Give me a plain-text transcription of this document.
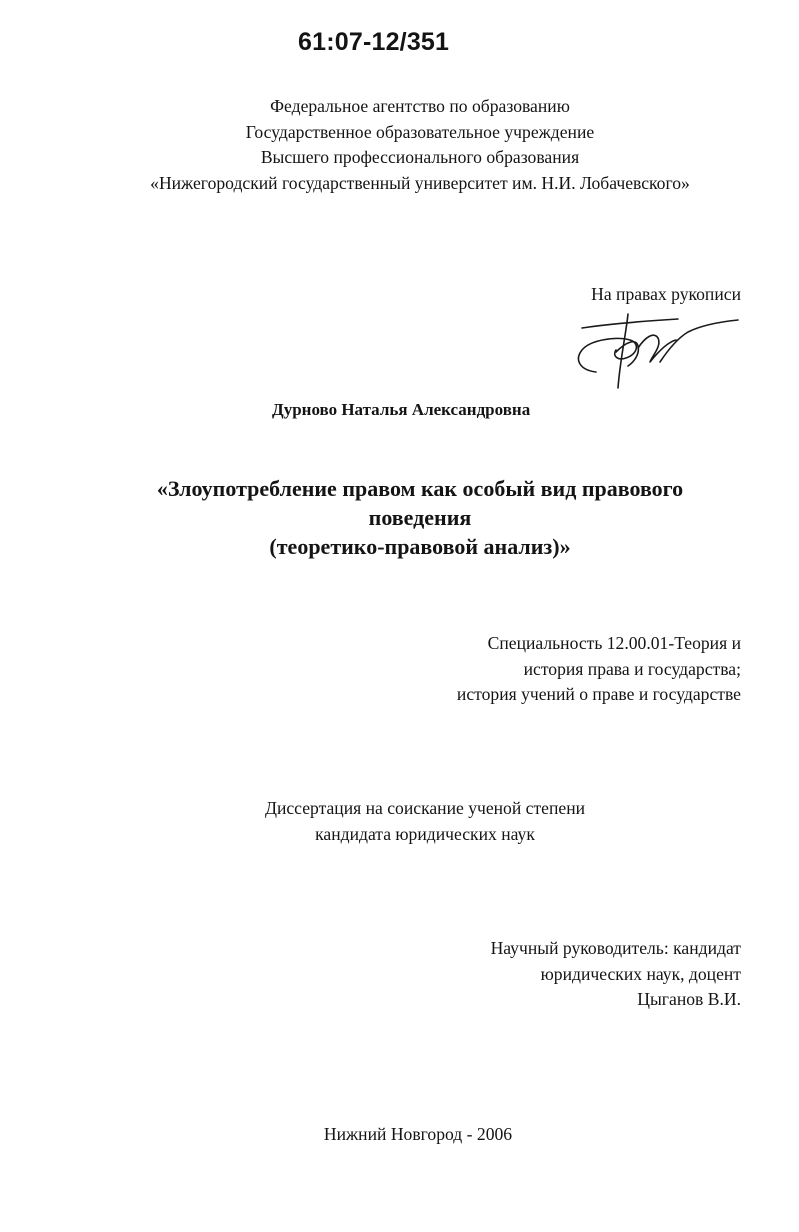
61:07-12/351
Федеральное агентство по образованию
Государственное образовательное учреждение
Высшего профессионального образования
«Нижегородский государственный университет им. Н.И. Лобачевского»
На правах рукописи
Дурново Наталья Александровна
«Злоупотребление правом как особый вид правового
поведения
(теоретико-правовой анализ)»
Специальность 12.00.01-Теория и
история права и государства;
история учений о праве и государстве
Диссертация на соискание ученой степени
кандидата юридических наук
Научный руководитель: кандидат
юридических наук, доцент
Цыганов В.И.
Нижний Новгород - 2006
